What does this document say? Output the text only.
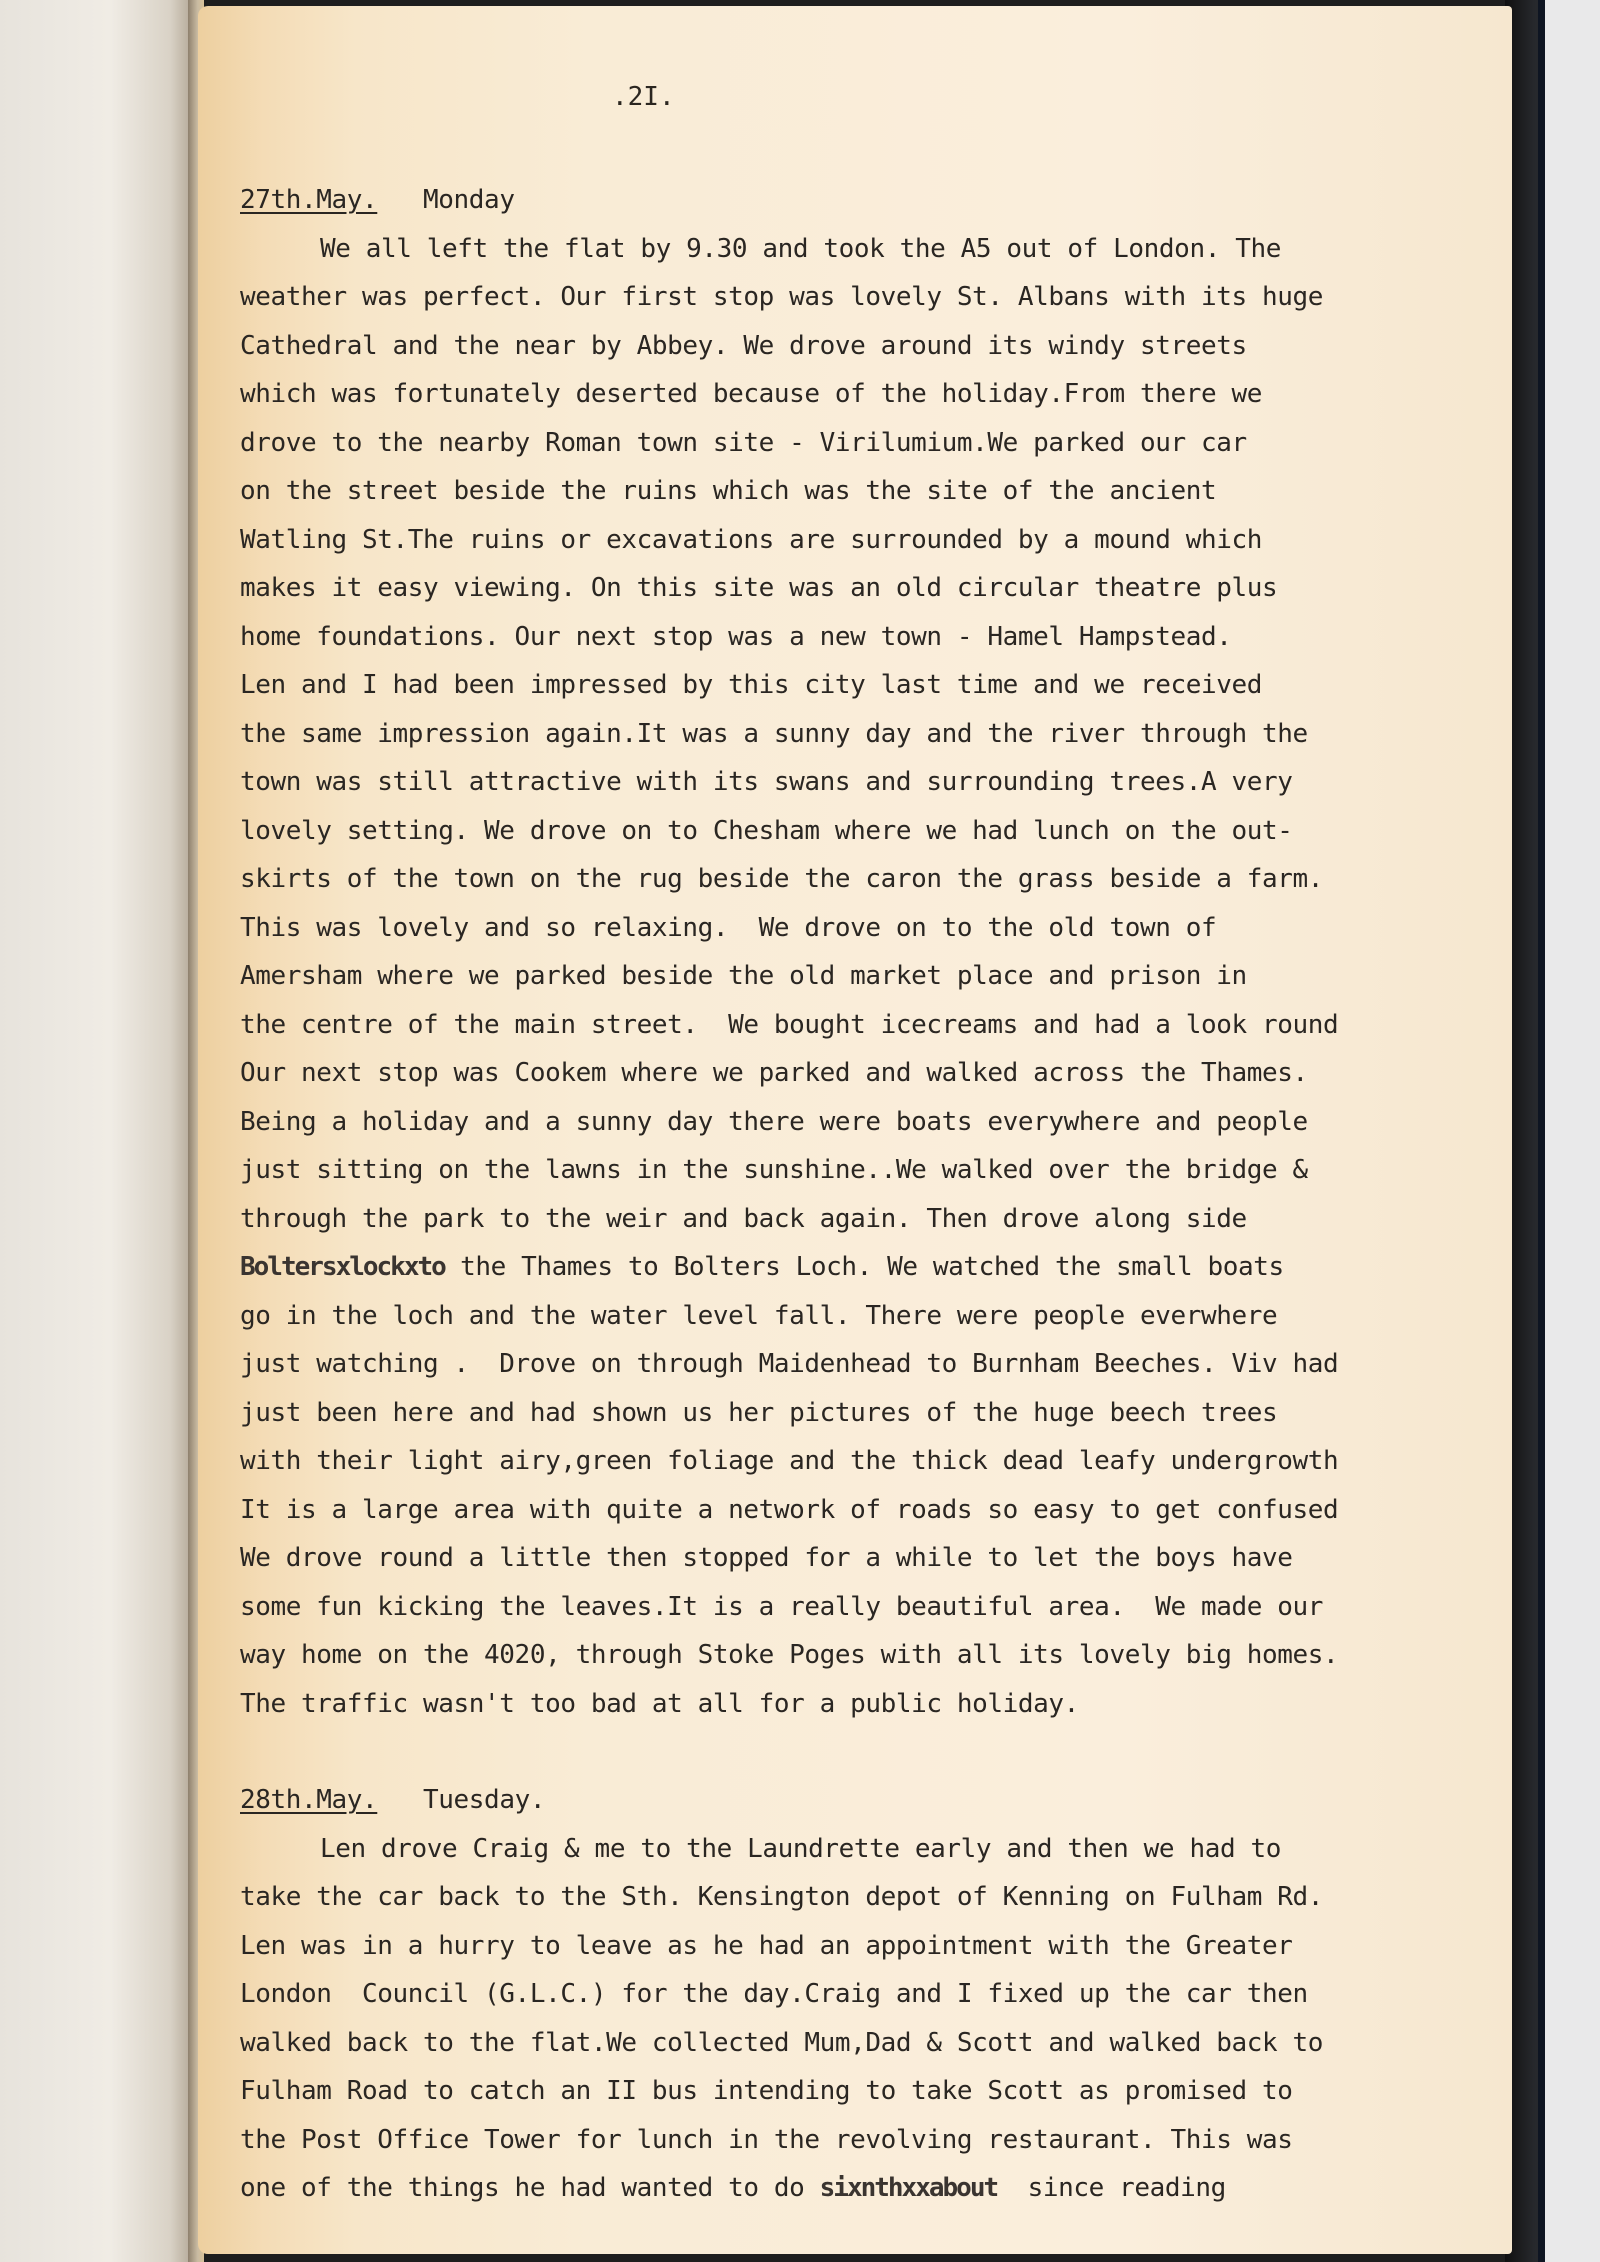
.2I.
27th.May. Monday
We all left the flat by 9.30 and took the A5 out of London. The
weather was perfect. Our first stop was lovely St. Albans with its huge
Cathedral and the near by Abbey. We drove around its windy streets
which was fortunately deserted because of the holiday.From there we
drove to the nearby Roman town site - Virilumium.We parked our car
on the street beside the ruins which was the site of the ancient
Watling St.The ruins or excavations are surrounded by a mound which
makes it easy viewing. On this site was an old circular theatre plus
home foundations. Our next stop was a new town - Hamel Hampstead.
Len and I had been impressed by this city last time and we received
the same impression again.It was a sunny day and the river through the
town was still attractive with its swans and surrounding trees.A very
lovely setting. We drove on to Chesham where we had lunch on the out-
skirts of the town on the rug beside the caron the grass beside a farm.
This was lovely and so relaxing.  We drove on to the old town of
Amersham where we parked beside the old market place and prison in
the centre of the main street.  We bought icecreams and had a look round
Our next stop was Cookem where we parked and walked across the Thames.
Being a holiday and a sunny day there were boats everywhere and people
just sitting on the lawns in the sunshine..We walked over the bridge &
through the park to the weir and back again. Then drove along side
Boltersxlockxto the Thames to Bolters Loch. We watched the small boats
go in the loch and the water level fall. There were people everwhere
just watching .  Drove on through Maidenhead to Burnham Beeches. Viv had
just been here and had shown us her pictures of the huge beech trees
with their light airy,green foliage and the thick dead leafy undergrowth
It is a large area with quite a network of roads so easy to get confused
We drove round a little then stopped for a while to let the boys have
some fun kicking the leaves.It is a really beautiful area.  We made our
way home on the 4020, through Stoke Poges with all its lovely big homes.
The traffic wasn't too bad at all for a public holiday.
28th.May. Tuesday.
Len drove Craig & me to the Laundrette early and then we had to
take the car back to the Sth. Kensington depot of Kenning on Fulham Rd.
Len was in a hurry to leave as he had an appointment with the Greater
London  Council (G.L.C.) for the day.Craig and I fixed up the car then
walked back to the flat.We collected Mum,Dad & Scott and walked back to
Fulham Road to catch an II bus intending to take Scott as promised to
the Post Office Tower for lunch in the revolving restaurant. This was
one of the things he had wanted to do sixnthxxabout  since reading
